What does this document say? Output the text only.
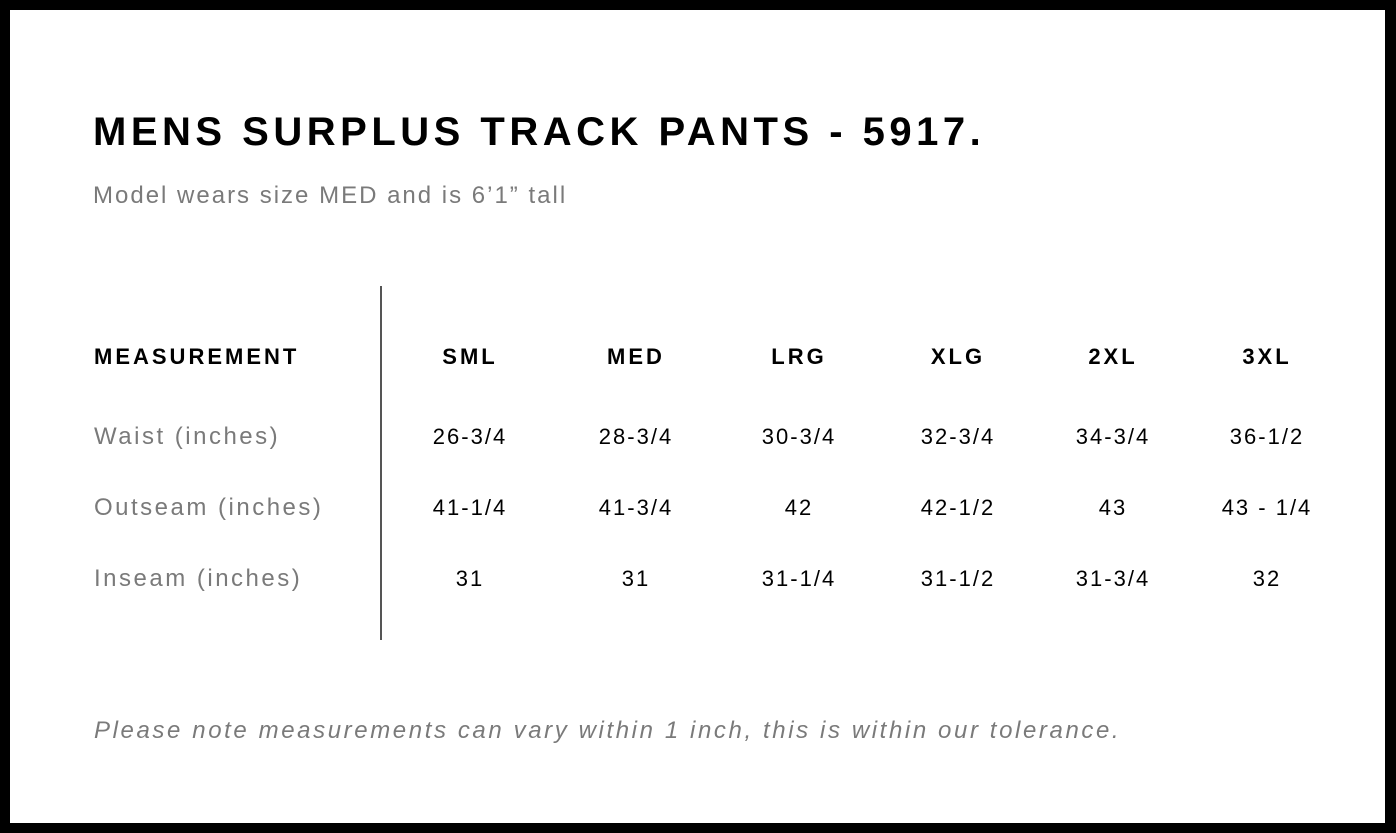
MENS SURPLUS TRACK PANTS - 5917.

Model wears size MED and is 6’1” tall

MEASUREMENT	SML	MED	LRG	XLG	2XL	3XL
Waist (inches)	26-3/4	28-3/4	30-3/4	32-3/4	34-3/4	36-1/2
Outseam (inches)	41-1/4	41-3/4	42	42-1/2	43	43 - 1/4
Inseam (inches)	31	31	31-1/4	31-1/2	31-3/4	32

Please note measurements can vary within 1 inch, this is within our tolerance.
